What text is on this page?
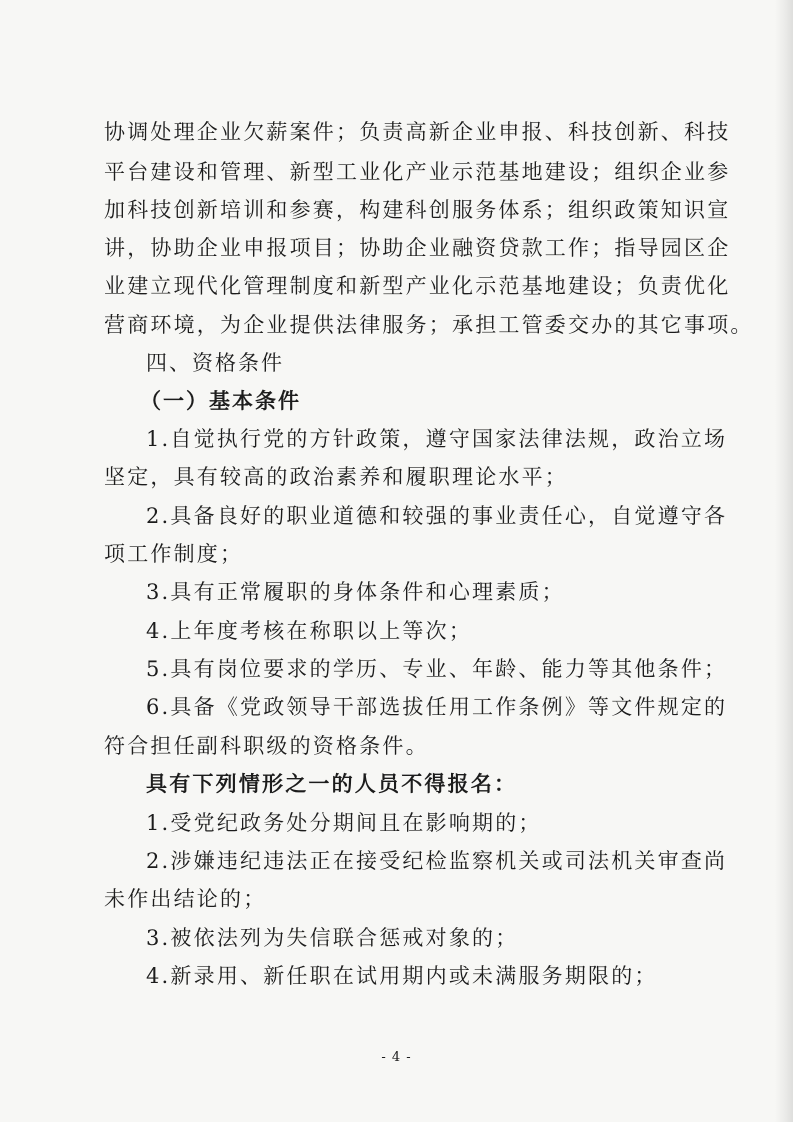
协调处理企业欠薪案件；负责高新企业申报、科技创新、科技
平台建设和管理、新型工业化产业示范基地建设；组织企业参
加科技创新培训和参赛，构建科创服务体系；组织政策知识宣
讲，协助企业申报项目；协助企业融资贷款工作；指导园区企
业建立现代化管理制度和新型产业化示范基地建设；负责优化
营商环境，为企业提供法律服务；承担工管委交办的其它事项。
四、资格条件
（一）基本条件
1.自觉执行党的方针政策，遵守国家法律法规，政治立场
坚定，具有较高的政治素养和履职理论水平；
2.具备良好的职业道德和较强的事业责任心，自觉遵守各
项工作制度；
3.具有正常履职的身体条件和心理素质；
4.上年度考核在称职以上等次；
5.具有岗位要求的学历、专业、年龄、能力等其他条件；
6.具备《党政领导干部选拔任用工作条例》等文件规定的
符合担任副科职级的资格条件。
具有下列情形之一的人员不得报名：
1.受党纪政务处分期间且在影响期的；
2.涉嫌违纪违法正在接受纪检监察机关或司法机关审查尚
未作出结论的；
3.被依法列为失信联合惩戒对象的；
4.新录用、新任职在试用期内或未满服务期限的；
- 4 -
